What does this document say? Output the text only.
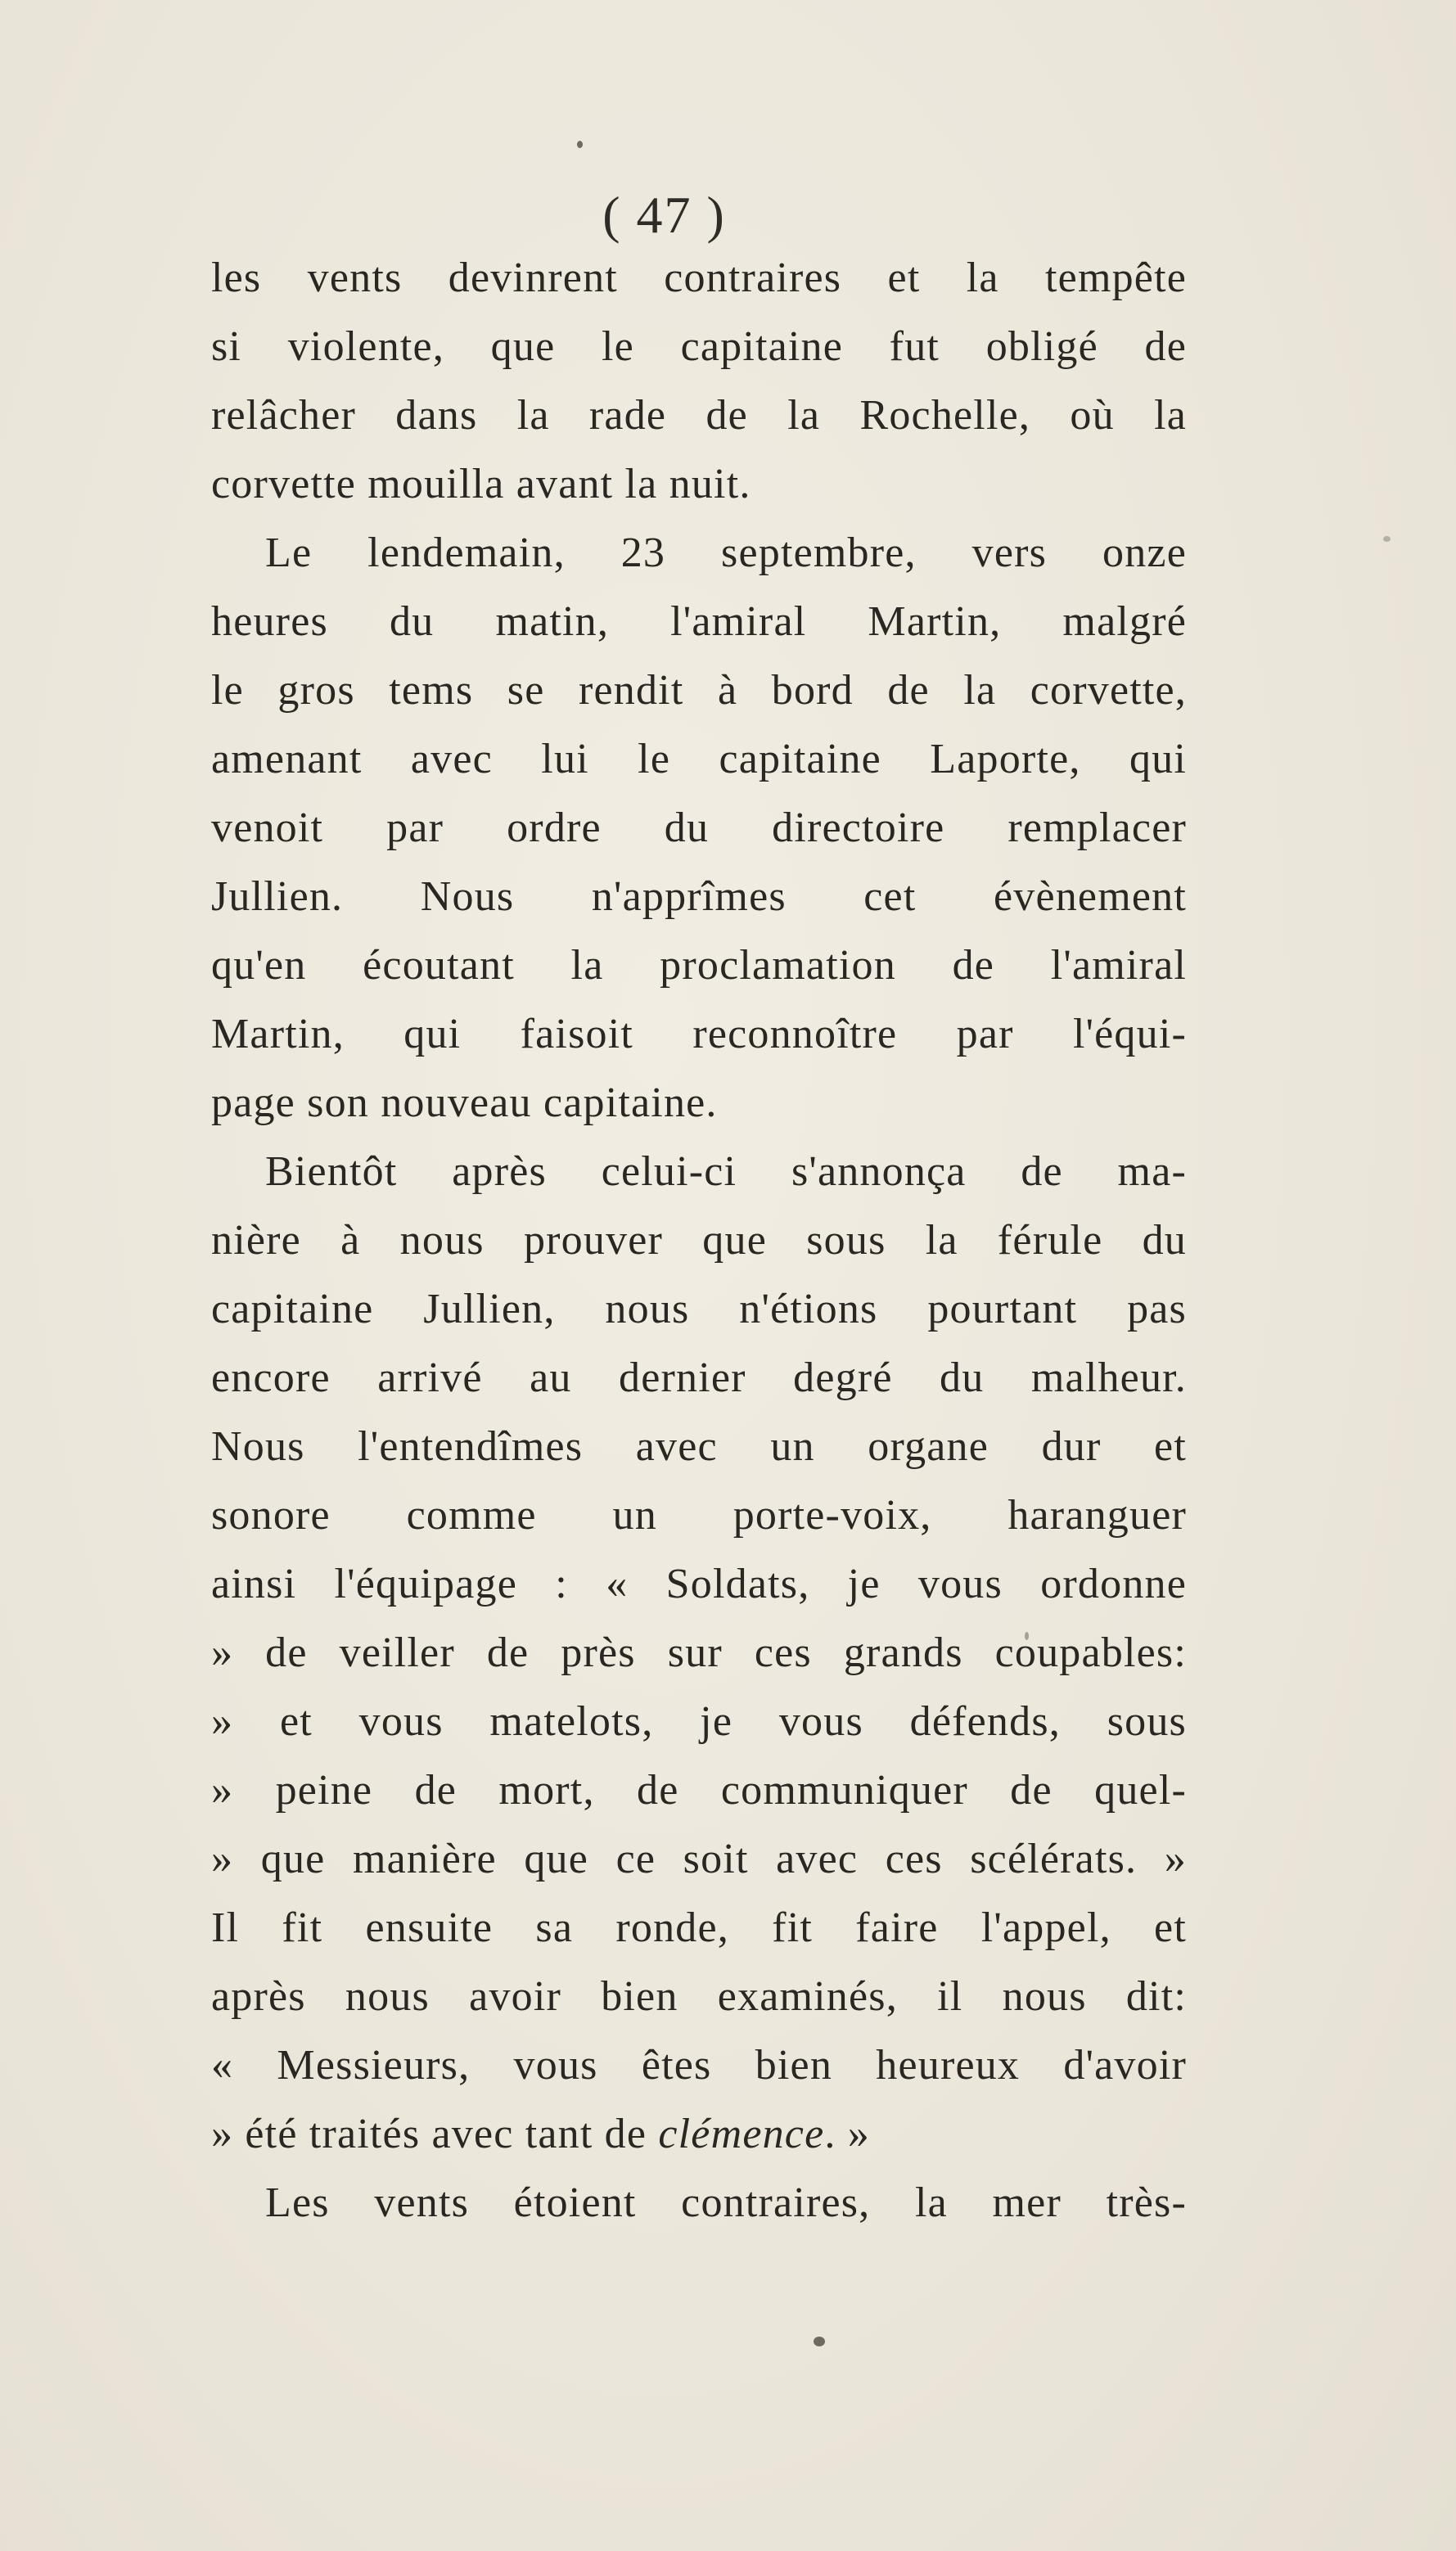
( 47 )
les vents devinrent contraires et la tempête
si violente, que le capitaine fut obligé de
relâcher dans la rade de la Rochelle, où la
corvette mouilla avant la nuit.
Le lendemain, 23 septembre, vers onze
heures du matin, l'amiral Martin, malgré
le gros tems se rendit à bord de la corvette,
amenant avec lui le capitaine Laporte, qui
venoit par ordre du directoire remplacer
Jullien. Nous n'apprîmes cet évènement
qu'en écoutant la proclamation de l'amiral
Martin, qui faisoit reconnoître par l'équi-
page son nouveau capitaine.
Bientôt après celui-ci s'annonça de ma-
nière à nous prouver que sous la férule du
capitaine Jullien, nous n'étions pourtant pas
encore arrivé au dernier degré du malheur.
Nous l'entendîmes avec un organe dur et
sonore comme un porte-voix, haranguer
ainsi l'équipage : « Soldats, je vous ordonne
» de veiller de près sur ces grands coupables:
» et vous matelots, je vous défends, sous
» peine de mort, de communiquer de quel-
» que manière que ce soit avec ces scélérats. »
Il fit ensuite sa ronde, fit faire l'appel, et
après nous avoir bien examinés, il nous dit:
« Messieurs, vous êtes bien heureux d'avoir
» été traités avec tant de clémence. »
Les vents étoient contraires, la mer très-
